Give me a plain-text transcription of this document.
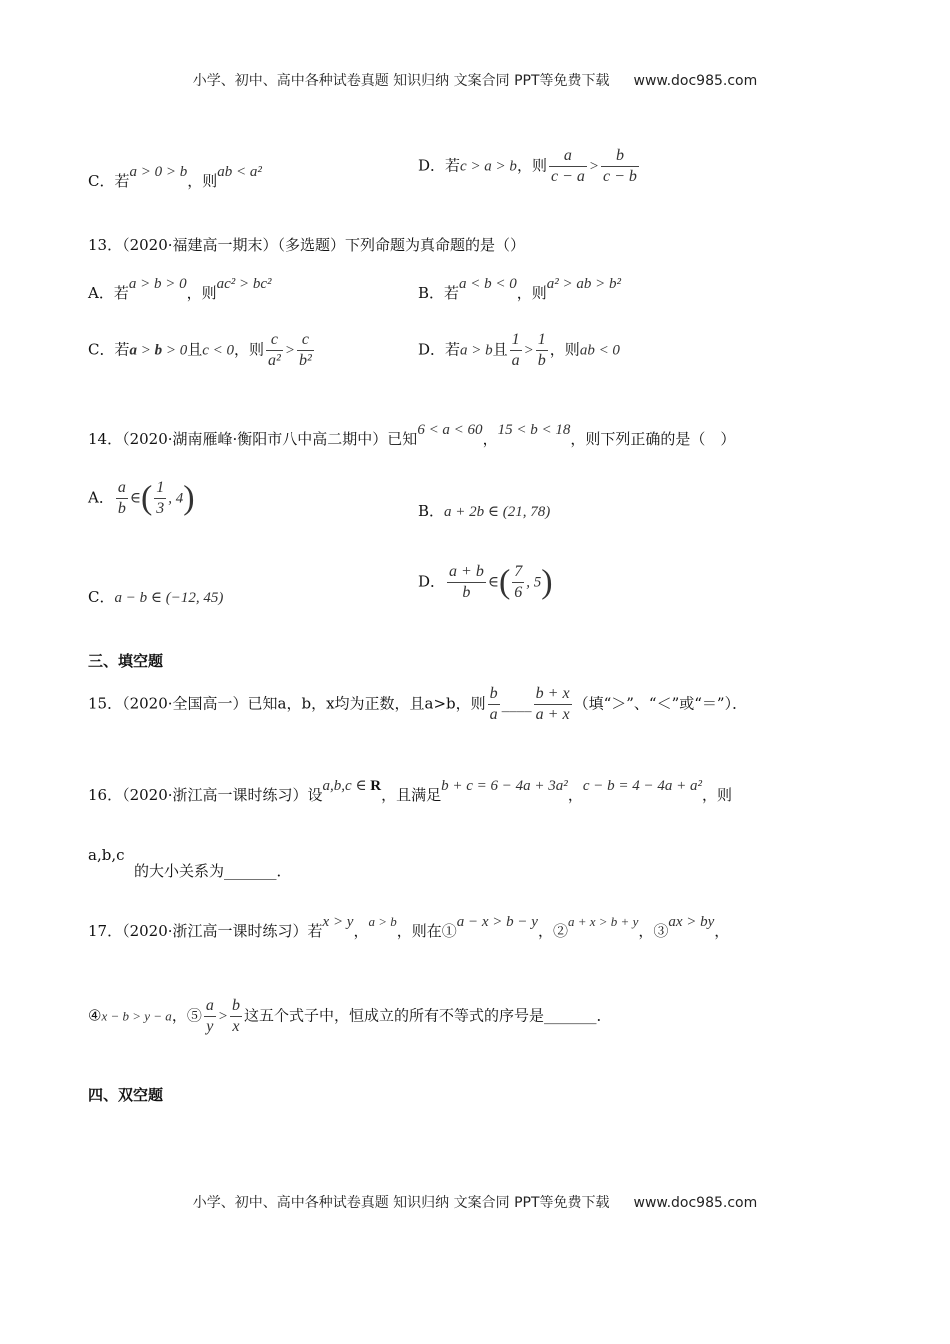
小学、初中、高中各种试卷真题 知识归纳 文案合同 PPT等免费下载 www.doc985.com
C．若a > 0 > b，则ab < a²	D．若c > a > b，则 $\frac{a}{c - a} > \frac{b}{c - b}$
13．（2020·福建高一期末）（多选题）下列命题为真命题的是（）
A．若a > b > 0，则ac² > bc²	B．若a < b < 0，则a² > ab > b²
C．若a > b > 0且c < 0，则 $\frac{c}{\text{a²}} > \frac{c}{\text{b²}}$	D．若a > b且 $\frac{1}{a} > \frac{1}{b}$ ，则ab < 0
14．（2020·湖南雁峰·衡阳市八中高二期中）已知6 < a < 60，15 < b < 18，则下列正确的是（　）
A． $\frac{a}{b}$ ∈( $\frac{1}{3}$ , 4)	B．a + 2b ∈ (21, 78)
C．a − b ∈ (−12, 45)
D． $\frac{a + b}{b}$ ∈( $\frac{7}{6}$ , 5)
三、填空题
15．（2020·全国高一）已知a，b，x均为正数，且a>b，则 $\frac{b}{a}$ ____ $\frac{b + x}{a + x}$ （填“＞”、“＜”或“＝”）．
16．（2020·浙江高一课时练习）设a,b,c ∈ R，且满足b + c = 6 − 4a + 3a²，c − b = 4 − 4a + a²，则
a,b,c
的大小关系为_______．
17．（2020·浙江高一课时练习）若x > y，a > b，则在①a − x > b − y，②a + x > b + y，③ax > by，
④x − b > y − a，⑤ $\frac{a}{y} > \frac{b}{x}$ 这五个式子中，恒成立的所有不等式的序号是_______．
四、双空题
小学、初中、高中各种试卷真题 知识归纳 文案合同 PPT等免费下载 www.doc985.com
